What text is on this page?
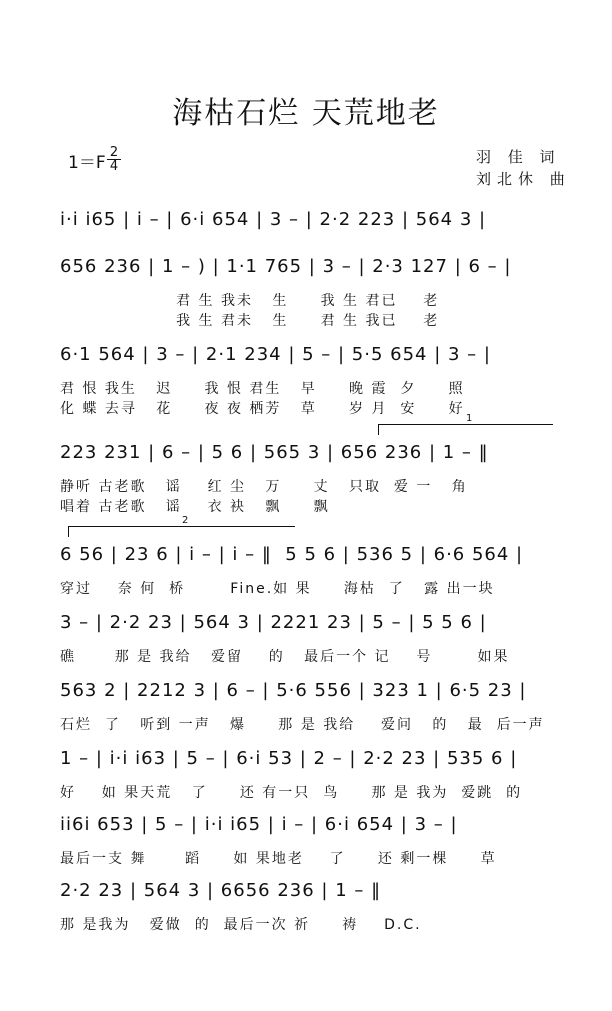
海枯石烂 天荒地老
1＝F
2
4
羽 佳 词
刘北休 曲
i·i i65 | i – | 6·i 654 | 3 – | 2·2 223 | 564 3 |
656 236 | 1 – ) | 1·1 765 | 3 – | 2·3 127 | 6 – |
君 生 我未   生     我 生 君已    老
我 生 君未   生     君 生 我已    老
6·1 564 | 3 – | 2·1 234 | 5 – | 5·5 654 | 3 – |
君 恨 我生   迟     我 恨 君生   早     晚 霞  夕     照
化 蝶 去寻   花     夜 夜 栖芳   草     岁 月  安     好
1
223 231 | 6 – | 5 6 | 565 3 | 656 236 | 1 – ‖
静听 古老歌   谣    红 尘   万     丈   只取  爱 一   角
唱着 古老歌   谣    衣 袂   飘     飘
2
6 56 | 23 6 | i – | i – ‖  5 5 6 | 536 5 | 6·6 564 |
穿过    奈 何  桥       Fine.如 果     海枯  了   露 出一块
3 – | 2·2 23 | 564 3 | 2221 23 | 5 – | 5 5 6 |
礁      那 是 我给   爱留    的   最后一个 记    号       如果
563 2 | 2212 3 | 6 – | 5·6 556 | 323 1 | 6·5 23 |
石烂  了   听到 一声   爆     那 是 我给    爱问   的   最  后一声
1 – | i·i i63 | 5 – | 6·i 53 | 2 – | 2·2 23 | 535 6 |
好    如 果天荒   了     还 有一只  鸟     那 是 我为  爱跳  的
ii6i 653 | 5 – | i·i i65 | i – | 6·i 654 | 3 – |
最后一支 舞      蹈     如 果地老    了     还 剩一棵     草
2·2 23 | 564 3 | 6656 236 | 1 – ‖
那 是我为   爱做  的  最后一次 祈     祷    D.C.
